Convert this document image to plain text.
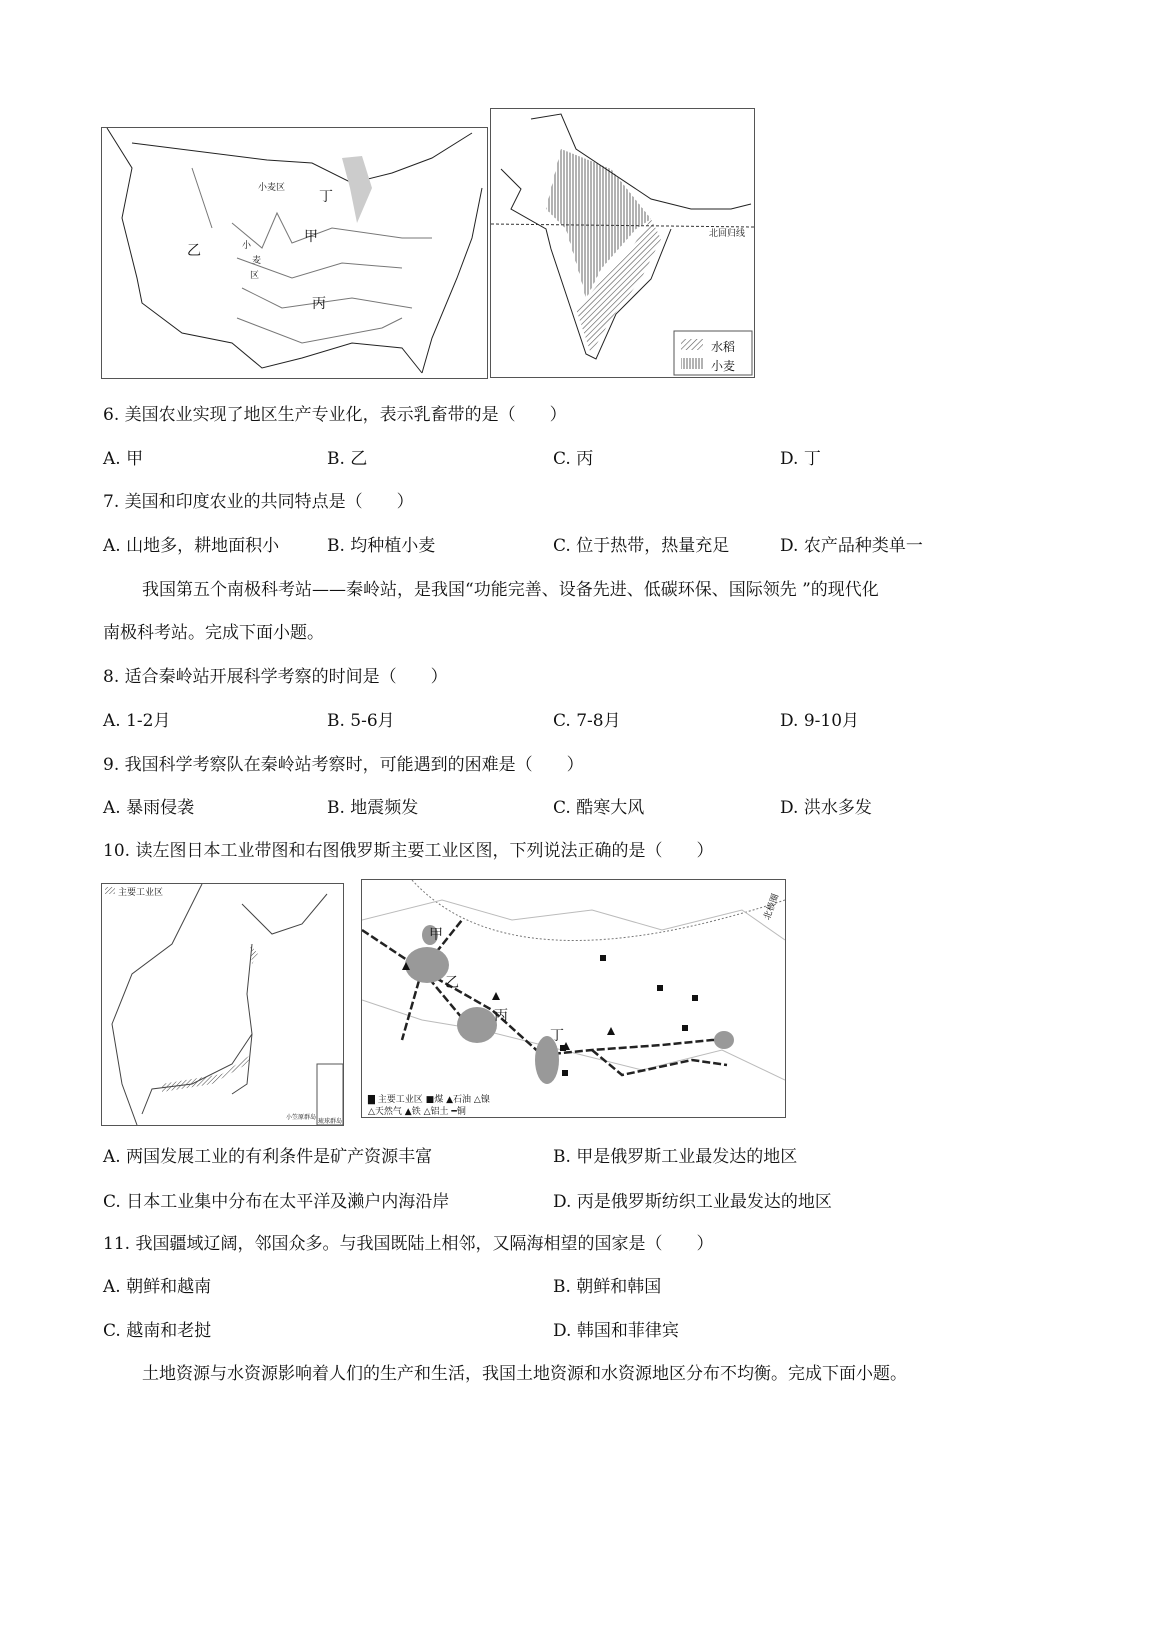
丁
甲
乙
丙
小麦区
小
麦
区
北回归线
水稻
小麦
6. 美国农业实现了地区生产专业化，表示乳畜带的是（　　）
A. 甲	B. 乙	C. 丙	D. 丁
7. 美国和印度农业的共同特点是（　　）
A. 山地多，耕地面积小	B. 均种植小麦	C. 位于热带，热量充足	D. 农产品种类单一
我国第五个南极科考站——秦岭站，是我国“功能完善、设备先进、低碳环保、国际领先 ”的现代化
南极科考站。完成下面小题。
8. 适合秦岭站开展科学考察的时间是（　　）
A. 1-2月	B. 5-6月	C. 7-8月	D. 9-10月
9. 我国科学考察队在秦岭站考察时，可能遇到的困难是（　　）
A. 暴雨侵袭	B. 地震频发	C. 酷寒大风	D. 洪水多发
10. 读左图日本工业带图和右图俄罗斯主要工业区图，下列说法正确的是（　　）
主要工业区
小笠原群岛
琉球群岛
甲
乙
丙
丁
北极圈
▇ 主要工业区 ■煤 ▲石油 △镍
△天然气 ▲铁 △铝土 ━铜
A. 两国发展工业的有利条件是矿产资源丰富	B. 甲是俄罗斯工业最发达的地区
C. 日本工业集中分布在太平洋及濑户内海沿岸	D. 丙是俄罗斯纺织工业最发达的地区
11. 我国疆域辽阔，邻国众多。与我国既陆上相邻，又隔海相望的国家是（　　）
A. 朝鲜和越南	B. 朝鲜和韩国
C. 越南和老挝	D. 韩国和菲律宾
土地资源与水资源影响着人们的生产和生活，我国土地资源和水资源地区分布不均衡。完成下面小题。
